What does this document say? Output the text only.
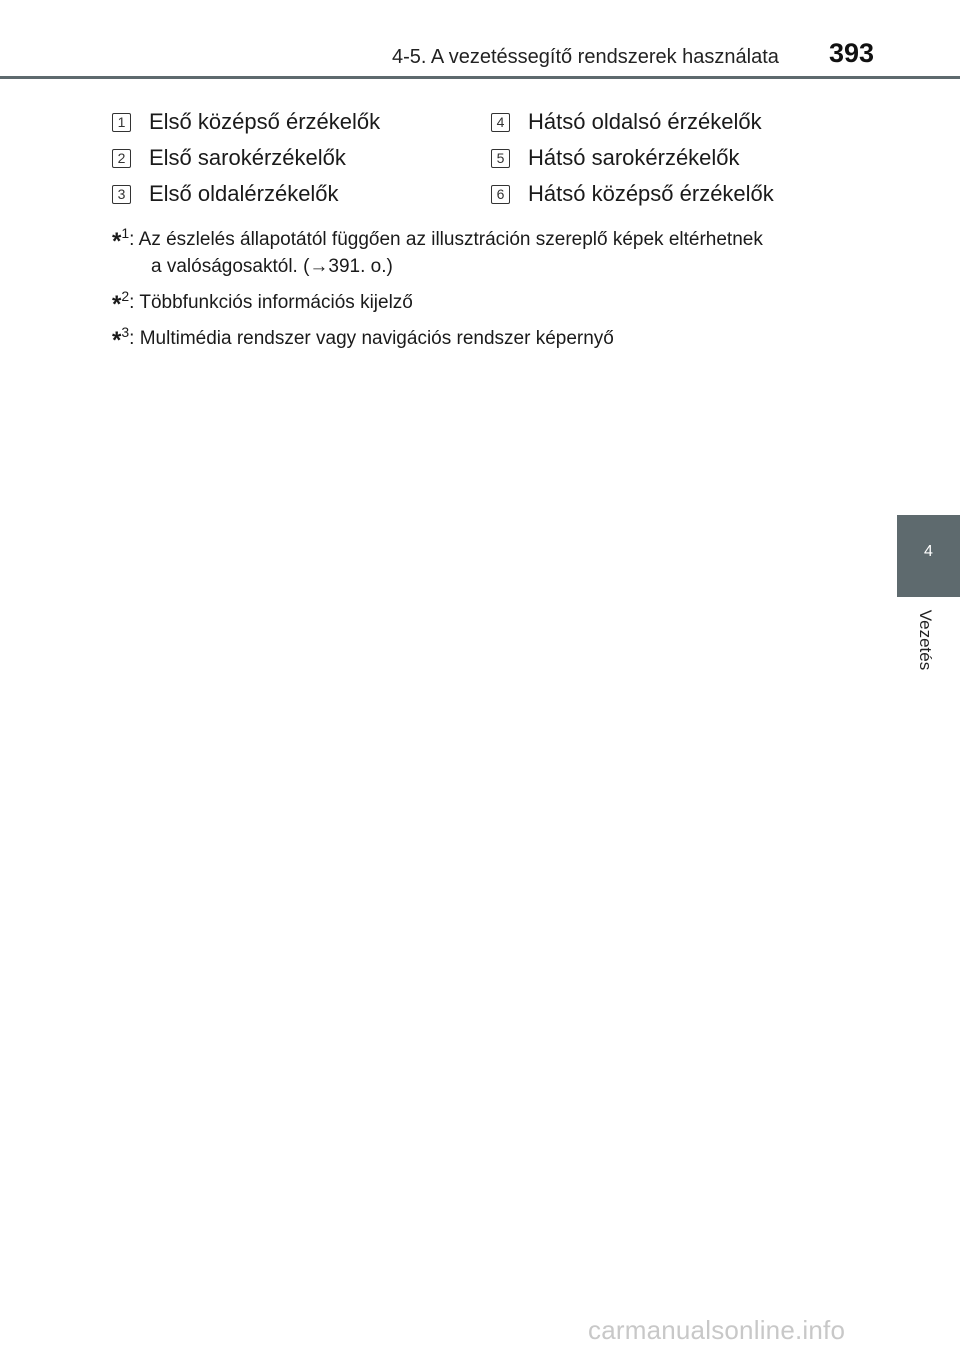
4-5. A vezetéssegítő rendszerek használata 393
1 Első középső érzékelők
2 Első sarokérzékelők
3 Első oldalérzékelők
4 Hátsó oldalsó érzékelők
5 Hátsó sarokérzékelők
6 Hátsó középső érzékelők
*$^1$: Az észlelés állapotától függően az illusztráción szereplő képek eltérhetnek
a valóságosaktól. (→391. o.)
*$^2$: Többfunkciós információs kijelző
*$^3$: Multimédia rendszer vagy navigációs rendszer képernyő
4
Vezetés
carmanualsonline.info
